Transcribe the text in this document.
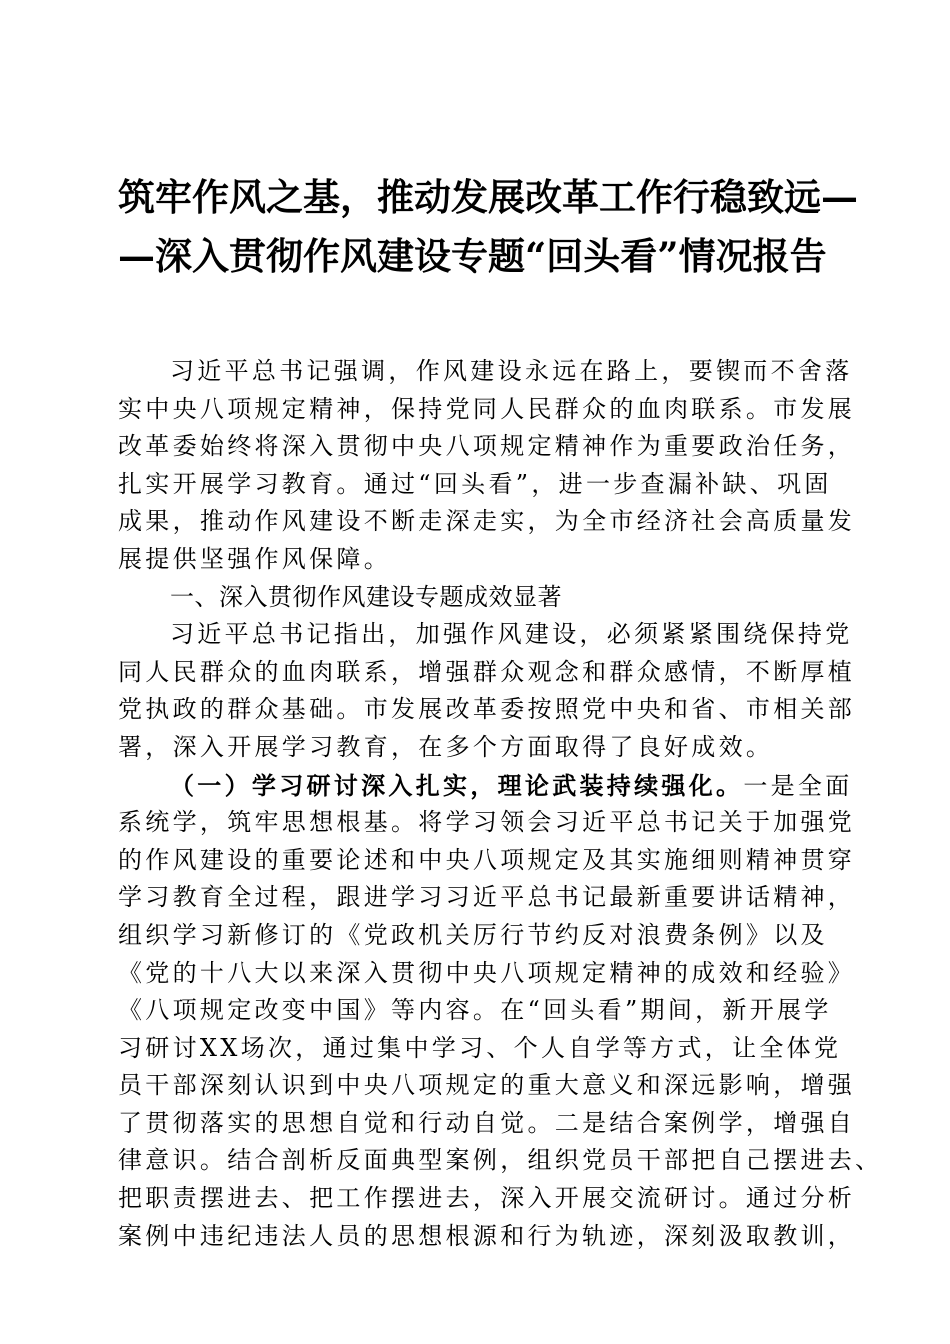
筑牢作风之基，推动发展改革工作行稳致远—
—深入贯彻作风建设专题“回头看”情况报告
习近平总书记强调，作风建设永远在路上，要锲而不舍落
实中央八项规定精神，保持党同人民群众的血肉联系。市发展
改革委始终将深入贯彻中央八项规定精神作为重要政治任务，
扎实开展学习教育。通过“回头看”，进一步查漏补缺、巩固
成果，推动作风建设不断走深走实，为全市经济社会高质量发
展提供坚强作风保障。
一、深入贯彻作风建设专题成效显著
习近平总书记指出，加强作风建设，必须紧紧围绕保持党
同人民群众的血肉联系，增强群众观念和群众感情，不断厚植
党执政的群众基础。市发展改革委按照党中央和省、市相关部
署，深入开展学习教育，在多个方面取得了良好成效。
（一）学习研讨深入扎实，理论武装持续强化。一是全面
系统学，筑牢思想根基。将学习领会习近平总书记关于加强党
的作风建设的重要论述和中央八项规定及其实施细则精神贯穿
学习教育全过程，跟进学习习近平总书记最新重要讲话精神，
组织学习新修订的《党政机关厉行节约反对浪费条例》以及
《党的十八大以来深入贯彻中央八项规定精神的成效和经验》
《八项规定改变中国》等内容。在“回头看”期间，新开展学
习研讨XX场次，通过集中学习、个人自学等方式，让全体党
员干部深刻认识到中央八项规定的重大意义和深远影响，增强
了贯彻落实的思想自觉和行动自觉。二是结合案例学，增强自
律意识。结合剖析反面典型案例，组织党员干部把自己摆进去、
把职责摆进去、把工作摆进去，深入开展交流研讨。通过分析
案例中违纪违法人员的思想根源和行为轨迹，深刻汲取教训，
